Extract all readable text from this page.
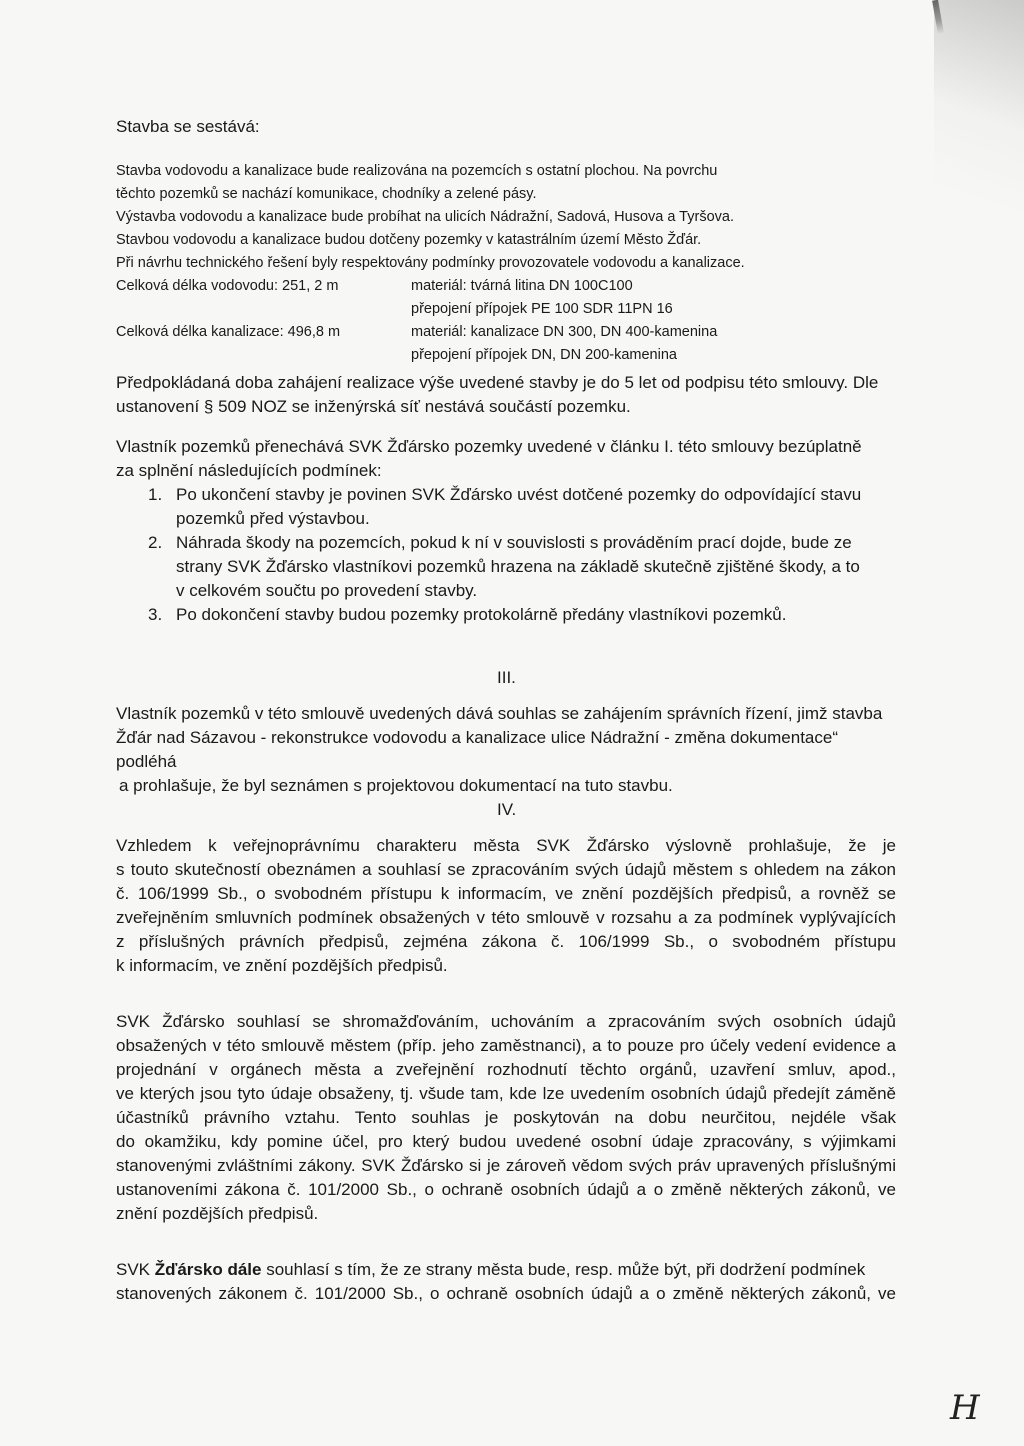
Stavba se sestává:
Stavba vodovodu a kanalizace bude realizována na pozemcích s ostatní plochou. Na povrchu
těchto pozemků se nachází komunikace, chodníky a zelené pásy.
Výstavba vodovodu a kanalizace bude probíhat na ulicích Nádražní, Sadová, Husova a Tyršova.
Stavbou vodovodu a kanalizace budou dotčeny pozemky v katastrálním území Město Žďár.
Při návrhu technického řešení byly respektovány podmínky provozovatele vodovodu a kanalizace.
Celková délka vodovodu: 251, 2 m	materiál: tvárná litina DN 100C100
přepojení přípojek PE 100 SDR 11PN 16
Celková délka kanalizace: 496,8 m	materiál: kanalizace DN 300, DN 400-kamenina
přepojení přípojek DN, DN 200-kamenina
Předpokládaná doba zahájení realizace výše uvedené stavby je do 5 let od podpisu této smlouvy. Dle
ustanovení § 509 NOZ se inženýrská síť nestává součástí pozemku.
Vlastník pozemků přenechává SVK Žďársko pozemky uvedené v článku I. této smlouvy bezúplatně
za splnění následujících podmínek:
1. Po ukončení stavby je povinen SVK Žďársko uvést dotčené pozemky do odpovídající stavu
pozemků před výstavbou.
2. Náhrada škody na pozemcích, pokud k ní v souvislosti s prováděním prací dojde, bude ze
strany SVK Žďársko vlastníkovi pozemků hrazena na základě skutečně zjištěné škody, a to
v celkovém součtu po provedení stavby.
3. Po dokončení stavby budou pozemky protokolárně předány vlastníkovi pozemků.
III.
Vlastník pozemků v této smlouvě uvedených dává souhlas se zahájením správních řízení, jimž stavba
Žďár nad Sázavou - rekonstrukce vodovodu a kanalizace ulice Nádražní - změna dokumentace“
podléhá
a prohlašuje, že byl seznámen s projektovou dokumentací na tuto stavbu.
IV.
Vzhledem k veřejnoprávnímu charakteru města SVK Žďársko výslovně prohlašuje, že je
s touto skutečností obeznámen a souhlasí se zpracováním svých údajů městem s ohledem na zákon
č. 106/1999 Sb., o svobodném přístupu k informacím, ve znění pozdějších předpisů, a rovněž se
zveřejněním smluvních podmínek obsažených v této smlouvě v rozsahu a za podmínek vyplývajících
z příslušných právních předpisů, zejména zákona č. 106/1999 Sb., o svobodném přístupu
k informacím, ve znění pozdějších předpisů.
SVK Žďársko souhlasí se shromažďováním, uchováním a zpracováním svých osobních údajů
obsažených v této smlouvě městem (příp. jeho zaměstnanci), a to pouze pro účely vedení evidence a
projednání v orgánech města a zveřejnění rozhodnutí těchto orgánů, uzavření smluv, apod.,
ve kterých jsou tyto údaje obsaženy, tj. všude tam, kde lze uvedením osobních údajů předejít záměně
účastníků právního vztahu. Tento souhlas je poskytován na dobu neurčitou, nejdéle však
do okamžiku, kdy pomine účel, pro který budou uvedené osobní údaje zpracovány, s výjimkami
stanovenými zvláštními zákony. SVK Žďársko si je zároveň vědom svých práv upravených příslušnými
ustanoveními zákona č. 101/2000 Sb., o ochraně osobních údajů a o změně některých zákonů, ve
znění pozdějších předpisů.
SVK Žďársko dále souhlasí s tím, že ze strany města bude, resp. může být, při dodržení podmínek
stanovených zákonem č. 101/2000 Sb., o ochraně osobních údajů a o změně některých zákonů, ve
H
